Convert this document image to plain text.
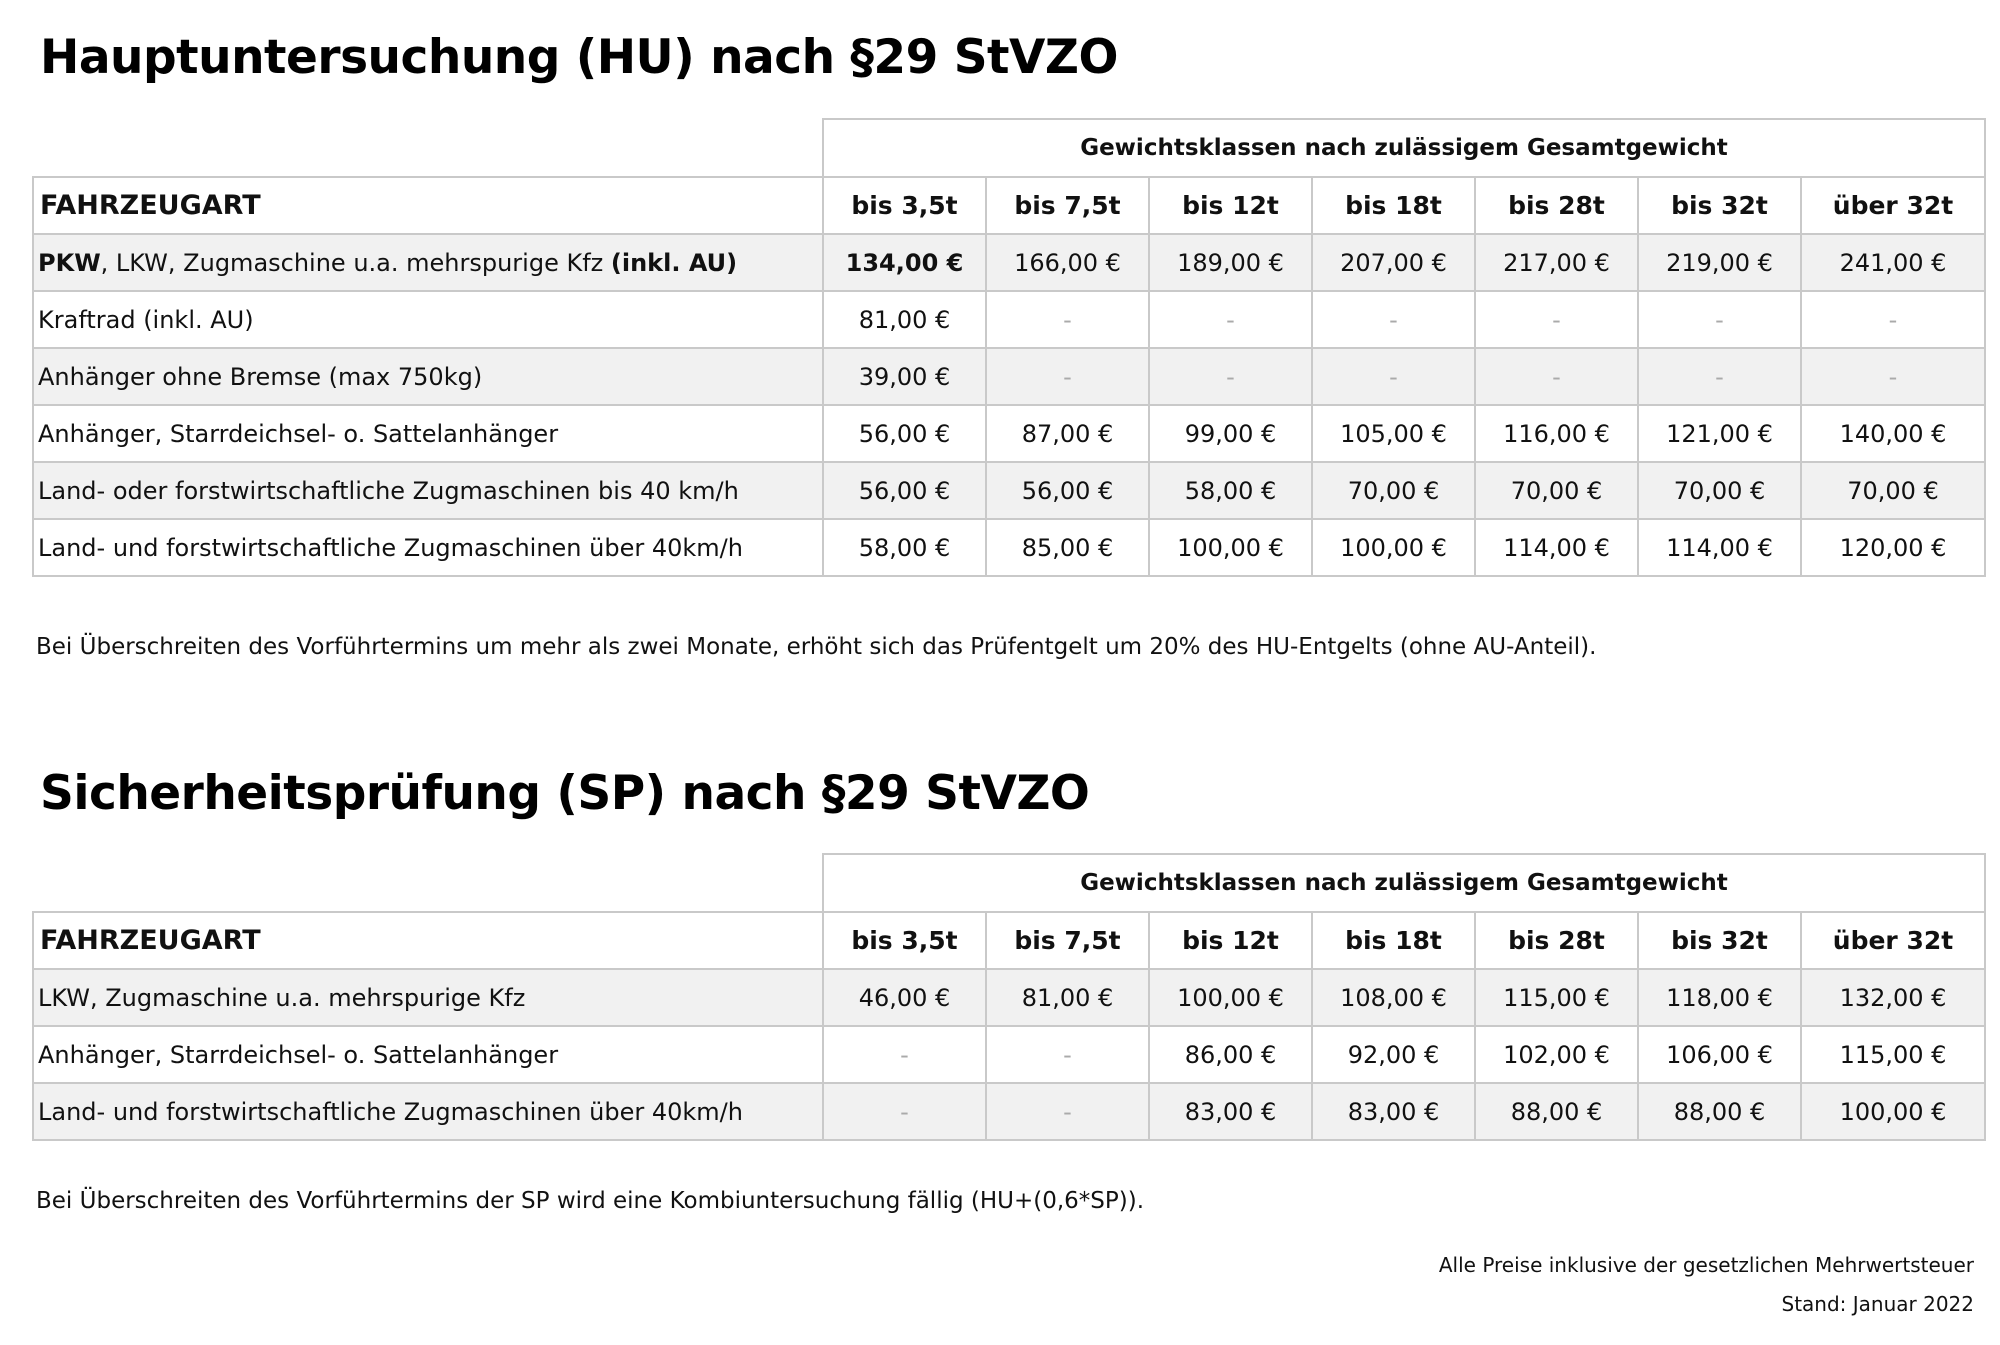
Hauptuntersuchung (HU) nach §29 StVZO
	Gewichtsklassen nach zulässigem Gesamtgewicht						
FAHRZEUGART	bis 3,5t	bis 7,5t	bis 12t	bis 18t	bis 28t	bis 32t	über 32t
PKW, LKW, Zugmaschine u.a. mehrspurige Kfz (inkl. AU)	134,00 €	166,00 €	189,00 €	207,00 €	217,00 €	219,00 €	241,00 €
Kraftrad (inkl. AU)	81,00 €	-	-	-	-	-	-
Anhänger ohne Bremse (max 750kg)	39,00 €	-	-	-	-	-	-
Anhänger, Starrdeichsel- o. Sattelanhänger	56,00 €	87,00 €	99,00 €	105,00 €	116,00 €	121,00 €	140,00 €
Land- oder forstwirtschaftliche Zugmaschinen bis 40 km/h	56,00 €	56,00 €	58,00 €	70,00 €	70,00 €	70,00 €	70,00 €
Land- und forstwirtschaftliche Zugmaschinen über 40km/h	58,00 €	85,00 €	100,00 €	100,00 €	114,00 €	114,00 €	120,00 €

Bei Überschreiten des Vorführtermins um mehr als zwei Monate, erhöht sich das Prüfentgelt um 20% des HU-Entgelts (ohne AU-Anteil).

Sicherheitsprüfung (SP) nach §29 StVZO
	Gewichtsklassen nach zulässigem Gesamtgewicht						
FAHRZEUGART	bis 3,5t	bis 7,5t	bis 12t	bis 18t	bis 28t	bis 32t	über 32t
LKW, Zugmaschine u.a. mehrspurige Kfz	46,00 €	81,00 €	100,00 €	108,00 €	115,00 €	118,00 €	132,00 €
Anhänger, Starrdeichsel- o. Sattelanhänger	-	-	86,00 €	92,00 €	102,00 €	106,00 €	115,00 €
Land- und forstwirtschaftliche Zugmaschinen über 40km/h	-	-	83,00 €	83,00 €	88,00 €	88,00 €	100,00 €

Bei Überschreiten des Vorführtermins der SP wird eine Kombiuntersuchung fällig (HU+(0,6*SP)).

Alle Preise inklusive der gesetzlichen Mehrwertsteuer

Stand: Januar 2022
